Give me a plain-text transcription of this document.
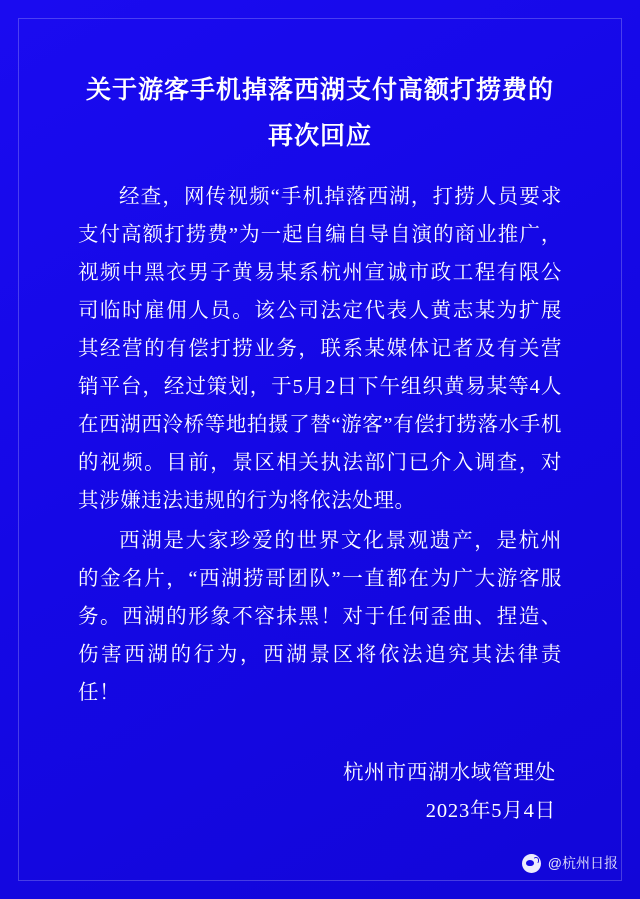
关于游客手机掉落西湖支付高额打捞费的
再次回应

经查，网传视频“手机掉落西湖，打捞人员要求支付高额打捞费”为一起自编自导自演的商业推广，视频中黑衣男子黄易某系杭州宣诚市政工程有限公司临时雇佣人员。该公司法定代表人黄志某为扩展其经营的有偿打捞业务，联系某媒体记者及有关营销平台，经过策划，于5月2日下午组织黄易某等4人在西湖西泠桥等地拍摄了替“游客”有偿打捞落水手机的视频。目前，景区相关执法部门已介入调查，对其涉嫌违法违规的行为将依法处理。

西湖是大家珍爱的世界文化景观遗产，是杭州的金名片，“西湖捞哥团队”一直都在为广大游客服务。西湖的形象不容抹黑！对于任何歪曲、捏造、伤害西湖的行为，西湖景区将依法追究其法律责任！

杭州市西湖水域管理处
2023年5月4日
@杭州日报
